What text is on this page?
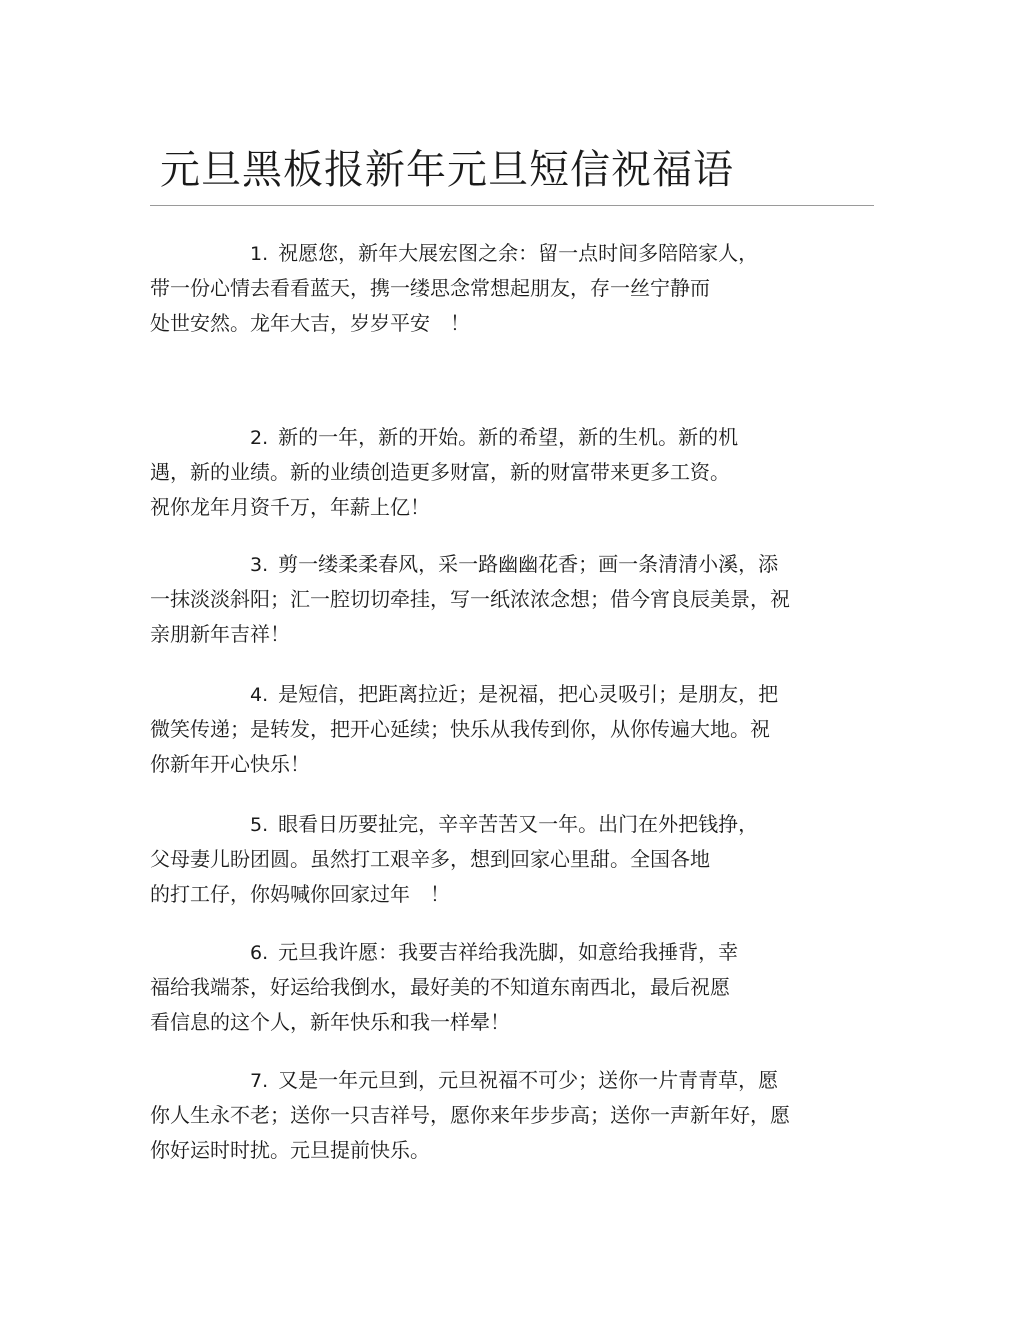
元旦黑板报新年元旦短信祝福语
1. 祝愿您，新年大展宏图之余：留一点时间多陪陪家人，
带一份心情去看看蓝天，携一缕思念常想起朋友，存一丝宁静而
处世安然。龙年大吉，岁岁平安　！
2. 新的一年，新的开始。新的希望，新的生机。新的机
遇，新的业绩。新的业绩创造更多财富，新的财富带来更多工资。
祝你龙年月资千万，年薪上亿！
3. 剪一缕柔柔春风，采一路幽幽花香；画一条清清小溪，添
一抹淡淡斜阳；汇一腔切切牵挂，写一纸浓浓念想；借今宵良辰美景，祝
亲朋新年吉祥！
4. 是短信，把距离拉近；是祝福，把心灵吸引；是朋友，把
微笑传递；是转发，把开心延续；快乐从我传到你，从你传遍大地。祝
你新年开心快乐！
5. 眼看日历要扯完，辛辛苦苦又一年。出门在外把钱挣，
父母妻儿盼团圆。虽然打工艰辛多，想到回家心里甜。全国各地
的打工仔，你妈喊你回家过年　！
6. 元旦我许愿：我要吉祥给我洗脚，如意给我捶背，幸
福给我端茶，好运给我倒水，最好美的不知道东南西北，最后祝愿
看信息的这个人，新年快乐和我一样晕！
7. 又是一年元旦到，元旦祝福不可少；送你一片青青草，愿
你人生永不老；送你一只吉祥号，愿你来年步步高；送你一声新年好，愿
你好运时时扰。元旦提前快乐。
